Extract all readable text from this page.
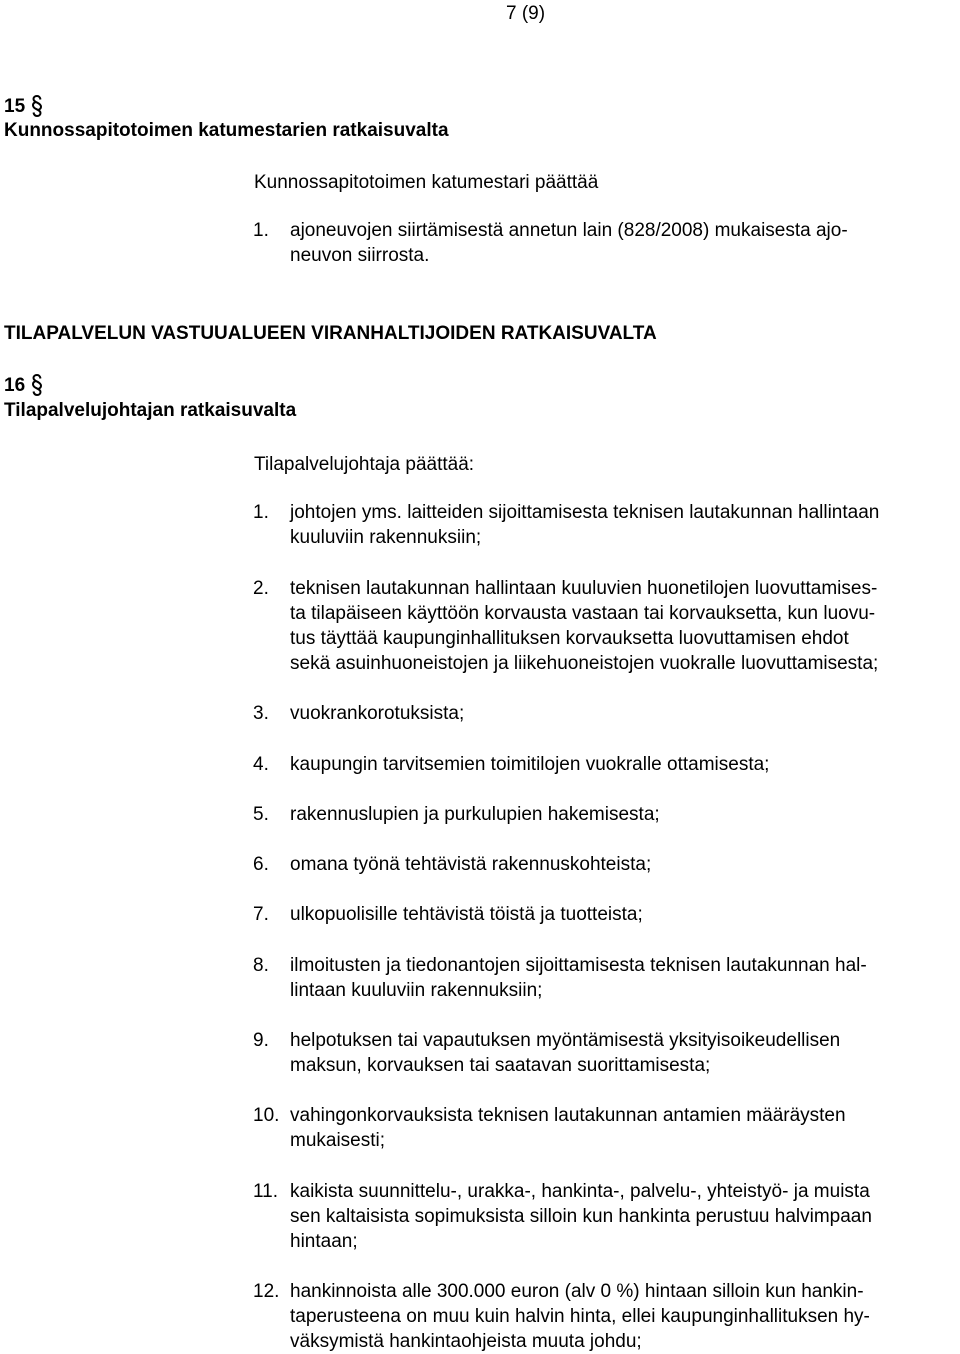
7 (9)
15
Kunnossapitotoimen katumestarien ratkaisuvalta
Kunnossapitotoimen katumestari päättää
1. ajoneuvojen siirtämisestä annetun lain (828/2008) mukaisesta ajo-
neuvon siirrosta.
TILAPALVELUN VASTUUALUEEN VIRANHALTIJOIDEN RATKAISUVALTA
16
Tilapalvelujohtajan ratkaisuvalta
Tilapalvelujohtaja päättää:
1. johtojen yms. laitteiden sijoittamisesta teknisen lautakunnan hallintaan
kuuluviin rakennuksiin;
2. teknisen lautakunnan hallintaan kuuluvien huonetilojen luovuttamises-
ta tilapäiseen käyttöön korvausta vastaan tai korvauksetta, kun luovu-
tus täyttää kaupunginhallituksen korvauksetta luovuttamisen ehdot
sekä asuinhuoneistojen ja liikehuoneistojen vuokralle luovuttamisesta;
3. vuokrankorotuksista;
4. kaupungin tarvitsemien toimitilojen vuokralle ottamisesta;
5. rakennuslupien ja purkulupien hakemisesta;
6. omana työnä tehtävistä rakennuskohteista;
7. ulkopuolisille tehtävistä töistä ja tuotteista;
8. ilmoitusten ja tiedonantojen sijoittamisesta teknisen lautakunnan hal-
lintaan kuuluviin rakennuksiin;
9. helpotuksen tai vapautuksen myöntämisestä yksityisoikeudellisen
maksun, korvauksen tai saatavan suorittamisesta;
10. vahingonkorvauksista teknisen lautakunnan antamien määräysten
mukaisesti;
11. kaikista suunnittelu-, urakka-, hankinta-, palvelu-, yhteistyö- ja muista
sen kaltaisista sopimuksista silloin kun hankinta perustuu halvimpaan
hintaan;
12. hankinnoista alle 300.000 euron (alv 0 %) hintaan silloin kun hankin-
taperusteena on muu kuin halvin hinta, ellei kaupunginhallituksen hy-
väksymistä hankintaohjeista muuta johdu;
